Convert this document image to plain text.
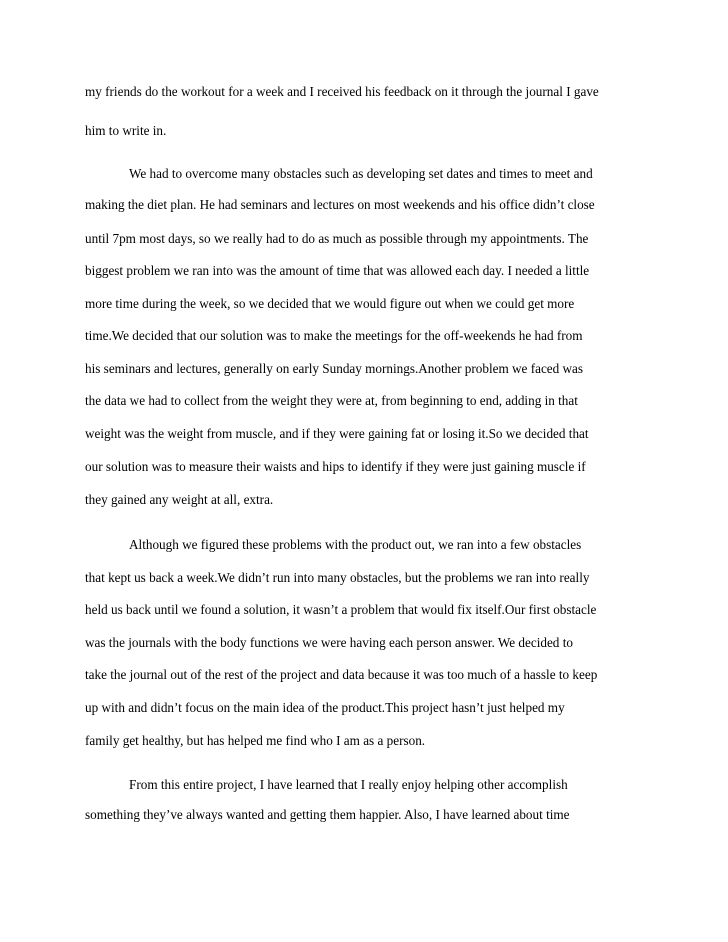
my friends do the workout for a week and I received his feedback on it through the journal I gave
him to write in.
We had to overcome many obstacles such as developing set dates and times to meet and
making the diet plan. He had seminars and lectures on most weekends and his office didn’t close
until 7pm most days, so we really had to do as much as possible through my appointments. The
biggest problem we ran into was the amount of time that was allowed each day. I needed a little
more time during the week, so we decided that we would figure out when we could get more
time.We decided that our solution was to make the meetings for the off-weekends he had from
his seminars and lectures, generally on early Sunday mornings.Another problem we faced was
the data we had to collect from the weight they were at, from beginning to end, adding in that
weight was the weight from muscle, and if they were gaining fat or losing it.So we decided that
our solution was to measure their waists and hips to identify if they were just gaining muscle if
they gained any weight at all, extra.
Although we figured these problems with the product out, we ran into a few obstacles
that kept us back a week.We didn’t run into many obstacles, but the problems we ran into really
held us back until we found a solution, it wasn’t a problem that would fix itself.Our first obstacle
was the journals with the body functions we were having each person answer. We decided to
take the journal out of the rest of the project and data because it was too much of a hassle to keep
up with and didn’t focus on the main idea of the product.This project hasn’t just helped my
family get healthy, but has helped me find who I am as a person.
From this entire project, I have learned that I really enjoy helping other accomplish
something they’ve always wanted and getting them happier. Also, I have learned about time
